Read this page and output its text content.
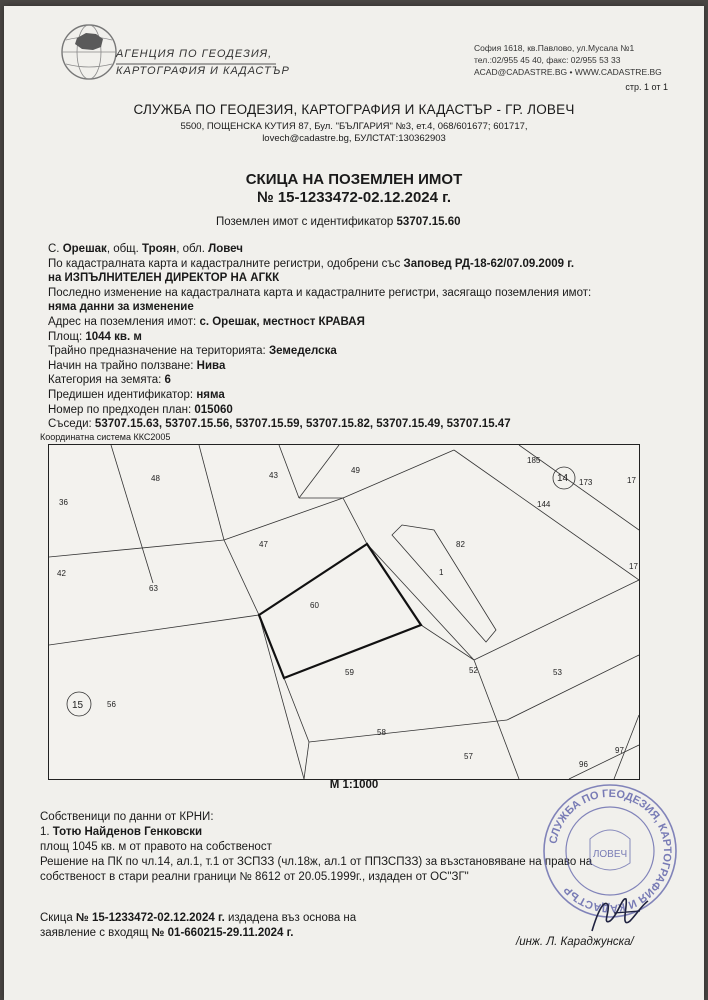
АГЕНЦИЯ ПО ГЕОДЕЗИЯ,
КАРТОГРАФИЯ И КАДАСТЪР
София 1618, кв.Павлово, ул.Мусала №1
тел.:02/955 45 40, факс: 02/955 53 33
ACAD@CADASTRE.BG • WWW.CADASTRE.BG
стр. 1 от 1
СЛУЖБА ПО ГЕОДЕЗИЯ, КАРТОГРАФИЯ И КАДАСТЪР - ГР. ЛОВЕЧ
5500, ПОЩЕНСКА КУТИЯ 87, Бул. "БЪЛГАРИЯ" №3, ет.4, 068/601677; 601717,
lovech@cadastre.bg, БУЛСТАТ:130362903
СКИЦА НА ПОЗЕМЛЕН ИМОТ
№ 15-1233472-02.12.2024 г.
Поземлен имот с идентификатор 53707.15.60
С. Орешак, общ. Троян, обл. Ловеч
По кадастралната карта и кадастралните регистри, одобрени със Заповед РД-18-62/07.09.2009 г.
на ИЗПЪЛНИТЕЛЕН ДИРЕКТОР НА АГКК
Последно изменение на кадастралната карта и кадастралните регистри, засягащо поземления имот:
няма данни за изменение
Адрес на поземления имот: с. Орешак, местност КРАВАЯ
Площ: 1044 кв. м
Трайно предназначение на територията: Земеделска
Начин на трайно ползване: Нива
Категория на земята: 6
Предишен идентификатор: няма
Номер по предходен план: 015060
Съседи: 53707.15.63, 53707.15.56, 53707.15.59, 53707.15.82, 53707.15.49, 53707.15.47
Координатна система ККС2005
36
48	43
49
185
14 173	17
144
47	82
1
42
63
60
17
15	56
59	52	53
58
97
57
96
М 1:1000
Собственици по данни от КРНИ:
1. Тотю Найденов Генковски
площ 1045 кв. м от правото на собственост
Решение на ПК по чл.14, ал.1, т.1 от ЗСПЗЗ (чл.18ж, ал.1 от ППЗСПЗЗ) за възстановяване на право на
собственост в стари реални граници № 8612 от 20.05.1999г., издаден от ОС"ЗГ"
СЛУЖБА ПО ГЕОДЕЗИЯ, КАРТОГРАФИЯ И КАДАСТЪР
ЛОВЕЧ
Скица № 15-1233472-02.12.2024 г. издадена въз основа на
заявление с входящ № 01-660215-29.11.2024 г.
/инж. Л. Караджунска/
